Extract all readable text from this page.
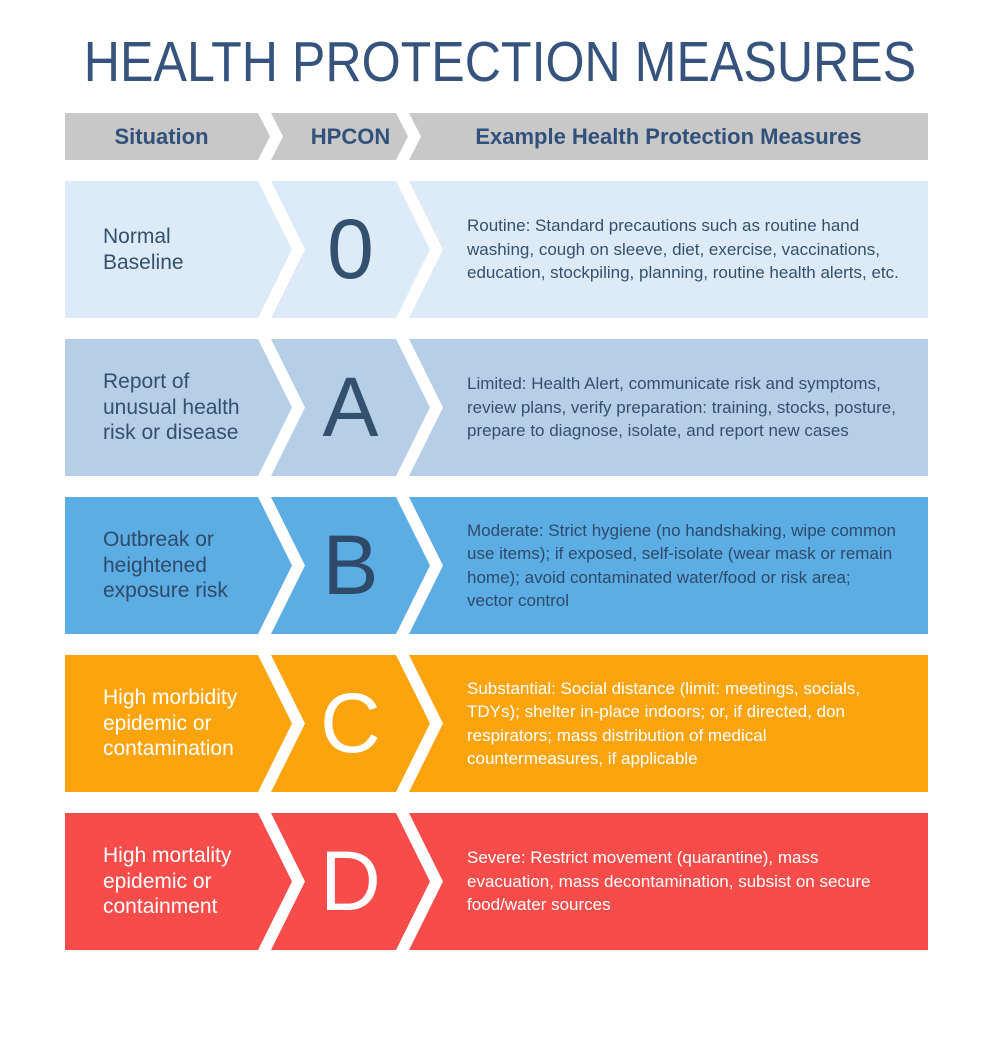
HEALTH PROTECTION MEASURES
Situation	HPCON	Example Health Protection Measures
Normal Baseline	0	Routine: Standard precautions such as routine hand washing, cough on sleeve, diet, exercise, vaccinations, education, stockpiling, planning, routine health alerts, etc.
Report of unusual health risk or disease	A	Limited: Health Alert, communicate risk and symptoms, review plans, verify preparation: training, stocks, posture, prepare to diagnose, isolate, and report new cases
Outbreak or heightened exposure risk	B	Moderate: Strict hygiene (no handshaking, wipe common use items); if exposed, self-isolate (wear mask or remain home); avoid contaminated water/food or risk area; vector control
High morbidity epidemic or contamination	C	Substantial: Social distance (limit: meetings, socials, TDYs); shelter in-place indoors; or, if directed, don respirators; mass distribution of medical countermeasures, if applicable
High mortality epidemic or containment	D	Severe: Restrict movement (quarantine), mass evacuation, mass decontamination, subsist on secure food/water sources
